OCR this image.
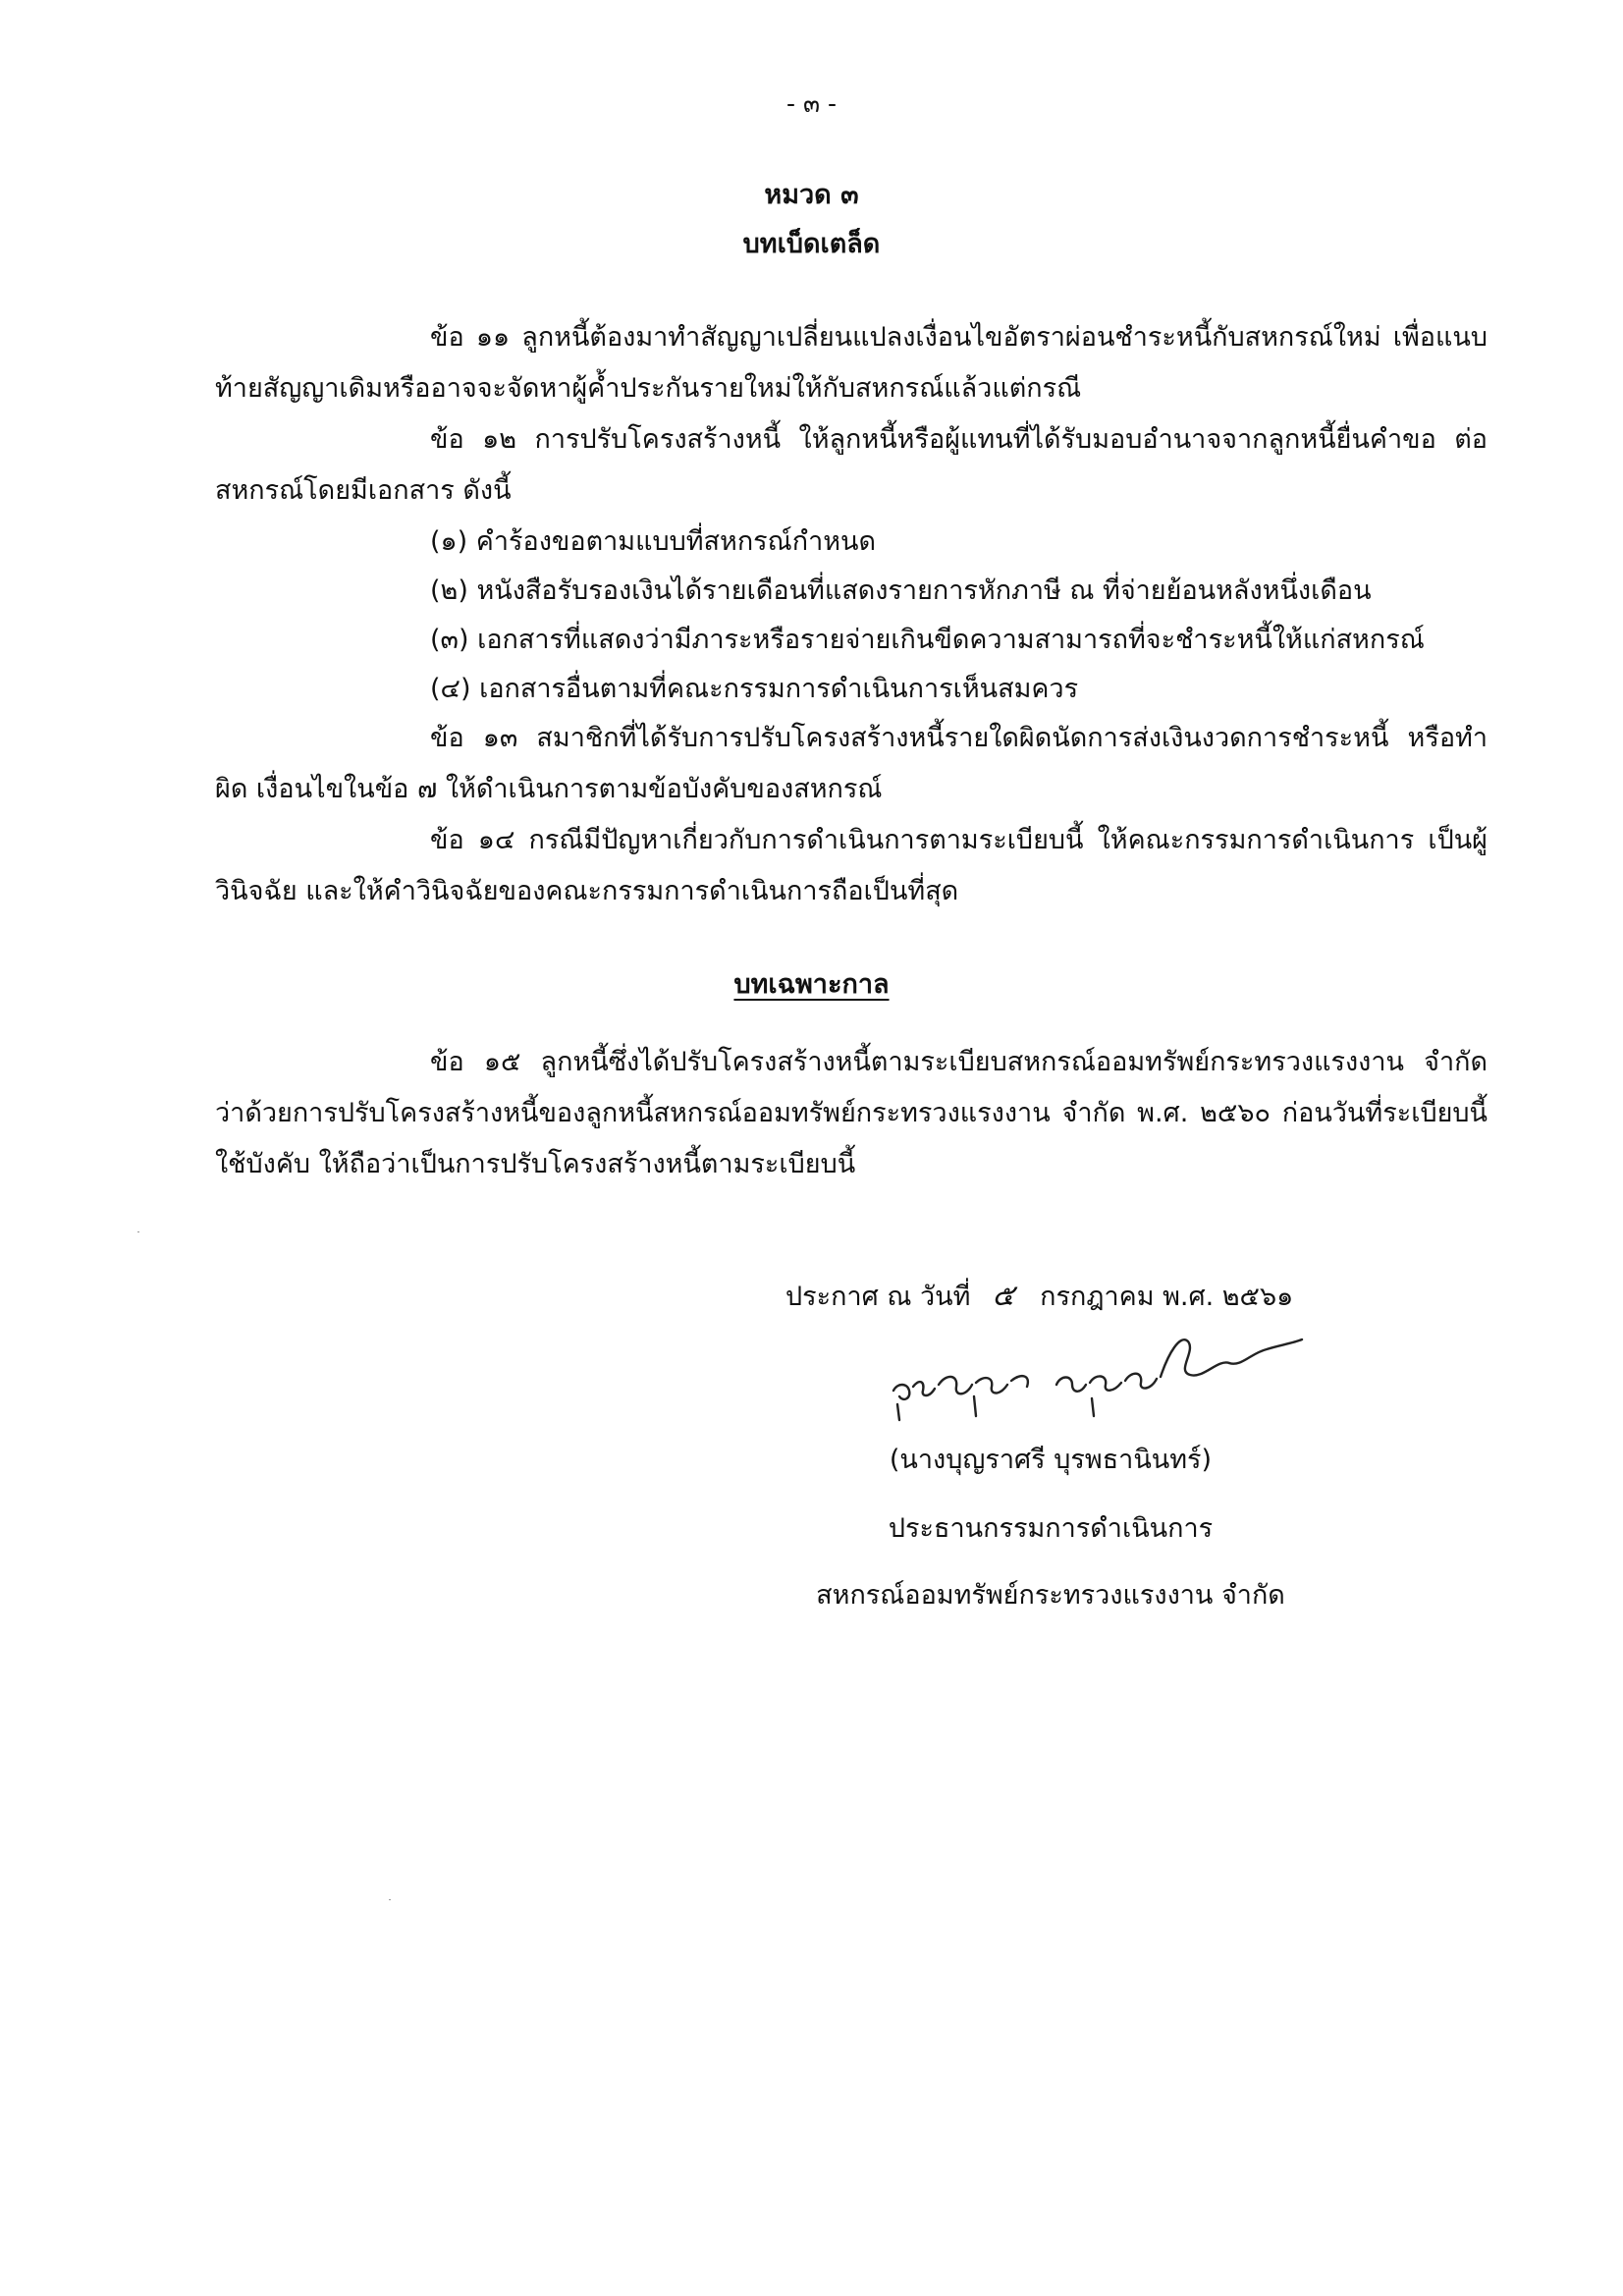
- ๓ -
หมวด ๓
บทเบ็ดเตล็ด
ข้อ ๑๑ ลูกหนี้ต้องมาทำสัญญาเปลี่ยนแปลงเงื่อนไขอัตราผ่อนชำระหนี้กับสหกรณ์ใหม่ เพื่อแนบท้ายสัญญาเดิมหรืออาจจะจัดหาผู้ค้ำประกันรายใหม่ให้กับสหกรณ์แล้วแต่กรณี
ข้อ ๑๒ การปรับโครงสร้างหนี้ ให้ลูกหนี้หรือผู้แทนที่ได้รับมอบอำนาจจากลูกหนี้ยื่นคำขอ ต่อสหกรณ์โดยมีเอกสาร ดังนี้
(๑) คำร้องขอตามแบบที่สหกรณ์กำหนด
(๒) หนังสือรับรองเงินได้รายเดือนที่แสดงรายการหักภาษี ณ ที่จ่ายย้อนหลังหนึ่งเดือน
(๓) เอกสารที่แสดงว่ามีภาระหรือรายจ่ายเกินขีดความสามารถที่จะชำระหนี้ให้แก่สหกรณ์
(๔) เอกสารอื่นตามที่คณะกรรมการดำเนินการเห็นสมควร
ข้อ ๑๓ สมาชิกที่ได้รับการปรับโครงสร้างหนี้รายใดผิดนัดการส่งเงินงวดการชำระหนี้ หรือทำผิด เงื่อนไขในข้อ ๗ ให้ดำเนินการตามข้อบังคับของสหกรณ์
ข้อ ๑๔ กรณีมีปัญหาเกี่ยวกับการดำเนินการตามระเบียบนี้ ให้คณะกรรมการดำเนินการ เป็นผู้วินิจฉัย และให้คำวินิจฉัยของคณะกรรมการดำเนินการถือเป็นที่สุด
บทเฉพาะกาล
ข้อ ๑๕ ลูกหนี้ซึ่งได้ปรับโครงสร้างหนี้ตามระเบียบสหกรณ์ออมทรัพย์กระทรวงแรงงาน จำกัด ว่าด้วยการปรับโครงสร้างหนี้ของลูกหนี้สหกรณ์ออมทรัพย์กระทรวงแรงงาน จำกัด พ.ศ. ๒๕๖๐ ก่อนวันที่ระเบียบนี้ ใช้บังคับ ให้ถือว่าเป็นการปรับโครงสร้างหนี้ตามระเบียบนี้
ประกาศ ณ วันที่ ๕ กรกฎาคม พ.ศ. ๒๕๖๑
(นางบุญราศรี บุรพธานินทร์)
ประธานกรรมการดำเนินการ
สหกรณ์ออมทรัพย์กระทรวงแรงงาน จำกัด
